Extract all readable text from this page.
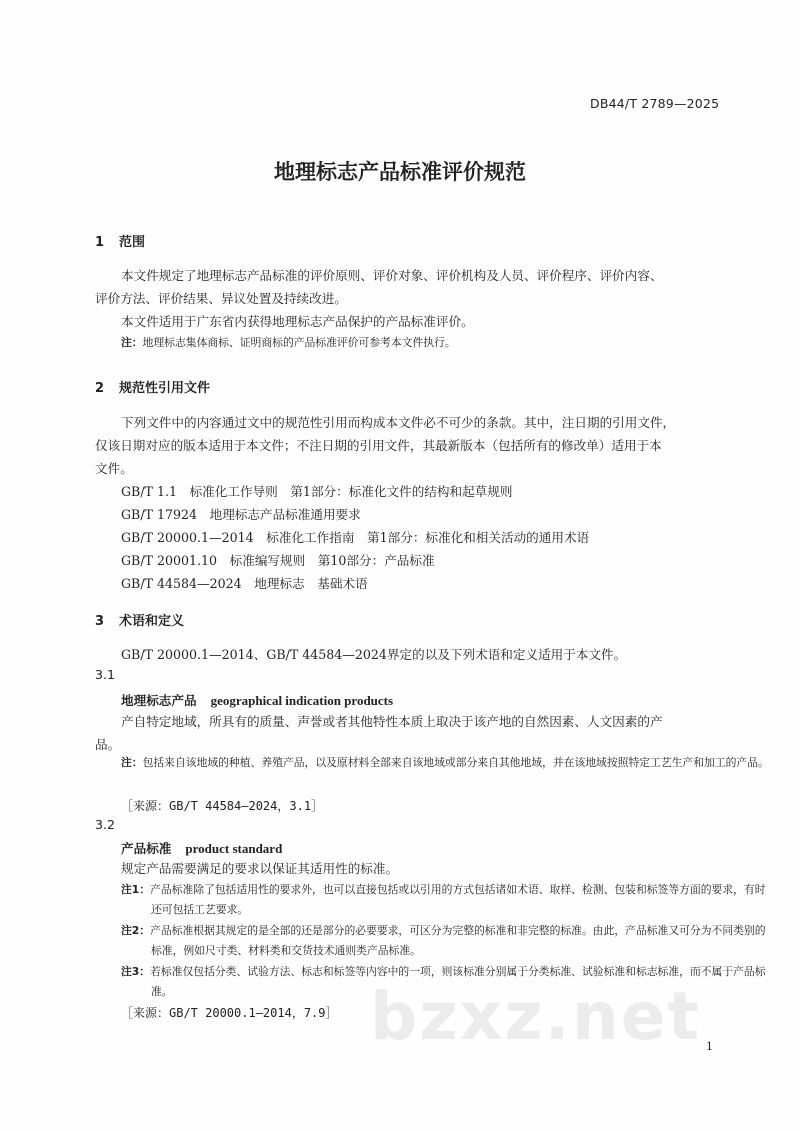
DB44/T 2789—2025
地理标志产品标准评价规范
1 范围
本文件规定了地理标志产品标准的评价原则、评价对象、评价机构及人员、评价程序、评价内容、
评价方法、评价结果、异议处置及持续改进。
本文件适用于广东省内获得地理标志产品保护的产品标准评价。
注：地理标志集体商标、证明商标的产品标准评价可参考本文件执行。
2 规范性引用文件
下列文件中的内容通过文中的规范性引用而构成本文件必不可少的条款。其中，注日期的引用文件，
仅该日期对应的版本适用于本文件；不注日期的引用文件，其最新版本（包括所有的修改单）适用于本
文件。
GB/T 1.1　标准化工作导则　第1部分：标准化文件的结构和起草规则
GB/T 17924　地理标志产品标准通用要求
GB/T 20000.1—2014　标准化工作指南　第1部分：标准化和相关活动的通用术语
GB/T 20001.10　标准编写规则　第10部分：产品标准
GB/T 44584—2024　地理标志　基础术语
3 术语和定义
GB/T 20000.1—2014、GB/T 44584—2024界定的以及下列术语和定义适用于本文件。
3.1
地理标志产品 geographical indication products
产自特定地域，所具有的质量、声誉或者其他特性本质上取决于该产地的自然因素、人文因素的产
品。
注：包括来自该地域的种植、养殖产品，以及原材料全部来自该地域或部分来自其他地域，并在该地域按照特定工艺生产和加工的产品。
［来源：GB/T 44584—2024，3.1］
3.2
产品标准 product standard
规定产品需要满足的要求以保证其适用性的标准。
注1：产品标准除了包括适用性的要求外，也可以直接包括或以引用的方式包括诸如术语、取样、检测、包装和标签等方面的要求，有时还可包括工艺要求。
注2：产品标准根据其规定的是全部的还是部分的必要要求，可区分为完整的标准和非完整的标准。由此，产品标准又可分为不同类别的标准，例如尺寸类、材料类和交货技术通则类产品标准。
注3：若标准仅包括分类、试验方法、标志和标签等内容中的一项，则该标准分别属于分类标准、试验标准和标志标准，而不属于产品标准。
［来源：GB/T 20000.1—2014，7.9］ bzxz.net 1
